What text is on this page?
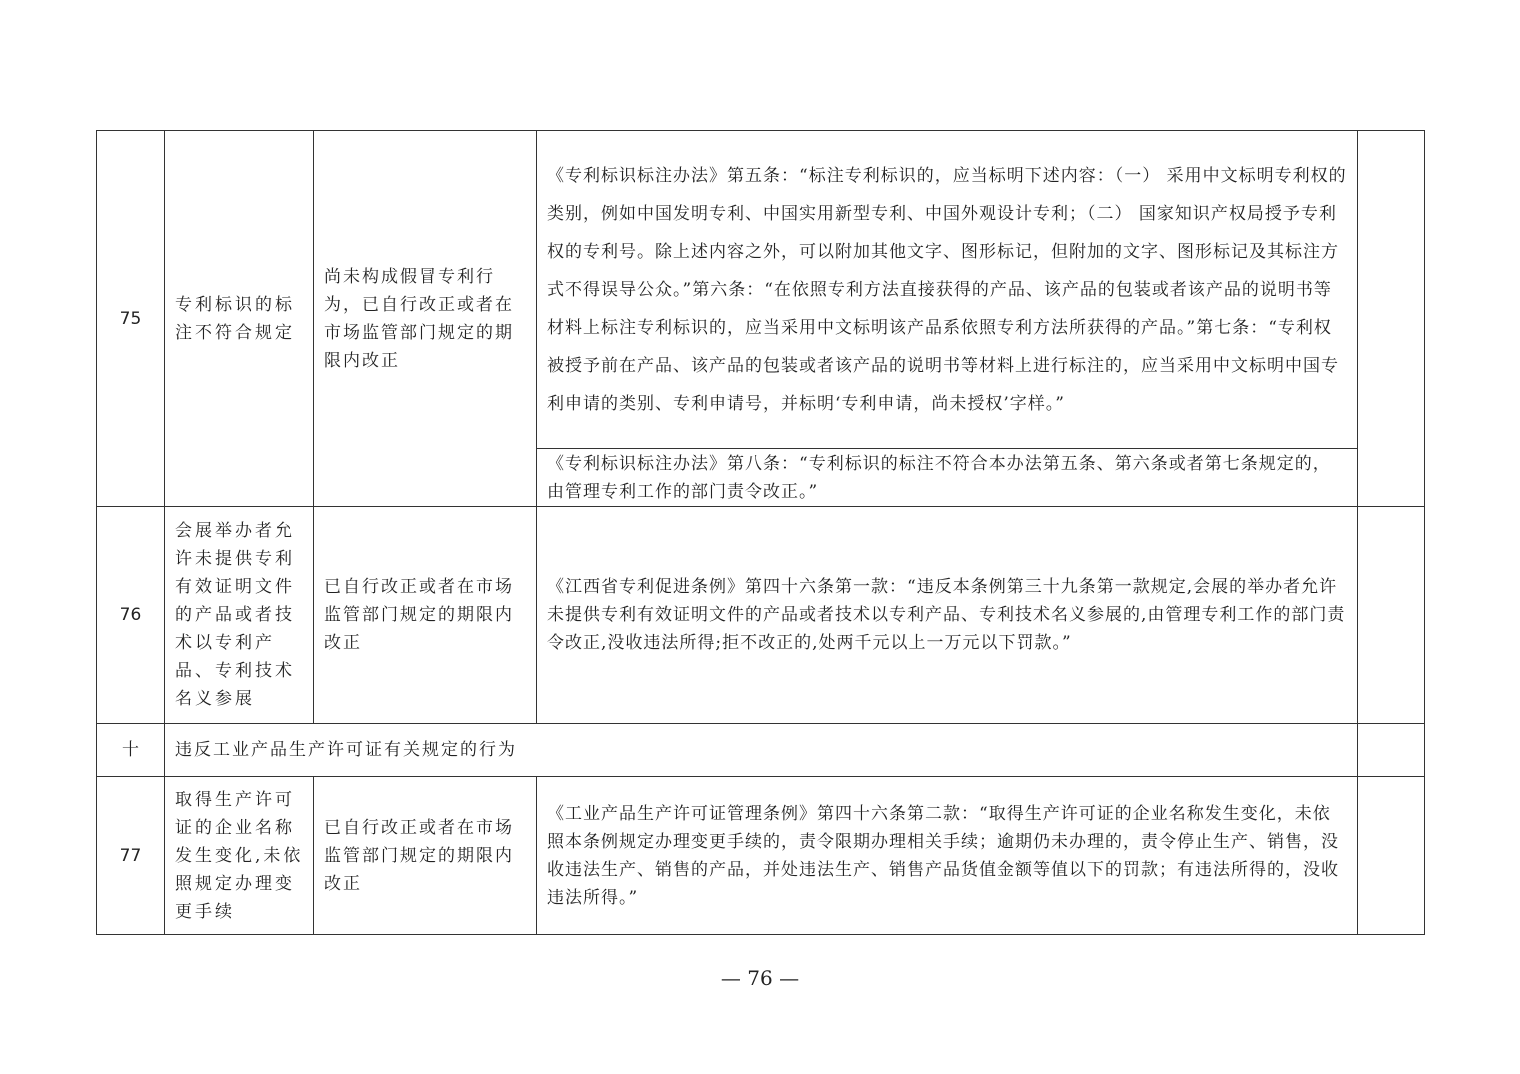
75	专利标识的标注不符合规定	尚未构成假冒专利行为，已自行改正或者在市场监管部门规定的期限内改正	《专利标识标注办法》第五条：“标注专利标识的，应当标明下述内容：（一） 采用中文标明专利权的类别，例如中国发明专利、中国实用新型专利、中国外观设计专利；（二） 国家知识产权局授予专利权的专利号。除上述内容之外，可以附加其他文字、图形标记，但附加的文字、图形标记及其标注方式不得误导公众。”第六条：“在依照专利方法直接获得的产品、该产品的包装或者该产品的说明书等材料上标注专利标识的，应当采用中文标明该产品系依照专利方法所获得的产品。”第七条：“专利权被授予前在产品、该产品的包装或者该产品的说明书等材料上进行标注的，应当采用中文标明中国专利申请的类别、专利申请号，并标明‘专利申请，尚未授权’字样。”	
			《专利标识标注办法》第八条：“专利标识的标注不符合本办法第五条、第六条或者第七条规定的，由管理专利工作的部门责令改正。”	
76	会展举办者允许未提供专利有效证明文件的产品或者技术以专利产品、专利技术名义参展	已自行改正或者在市场监管部门规定的期限内改正	《江西省专利促进条例》第四十六条第一款：“违反本条例第三十九条第一款规定,会展的举办者允许未提供专利有效证明文件的产品或者技术以专利产品、专利技术名义参展的,由管理专利工作的部门责令改正,没收违法所得;拒不改正的,处两千元以上一万元以下罚款。”	
十	违反工业产品生产许可证有关规定的行为			
77	取得生产许可证的企业名称发生变化,未依照规定办理变更手续	已自行改正或者在市场监管部门规定的期限内改正	《工业产品生产许可证管理条例》第四十六条第二款：“取得生产许可证的企业名称发生变化，未依照本条例规定办理变更手续的，责令限期办理相关手续；逾期仍未办理的，责令停止生产、销售，没收违法生产、销售的产品，并处违法生产、销售产品货值金额等值以下的罚款；有违法所得的，没收违法所得。”	
— 76 —
